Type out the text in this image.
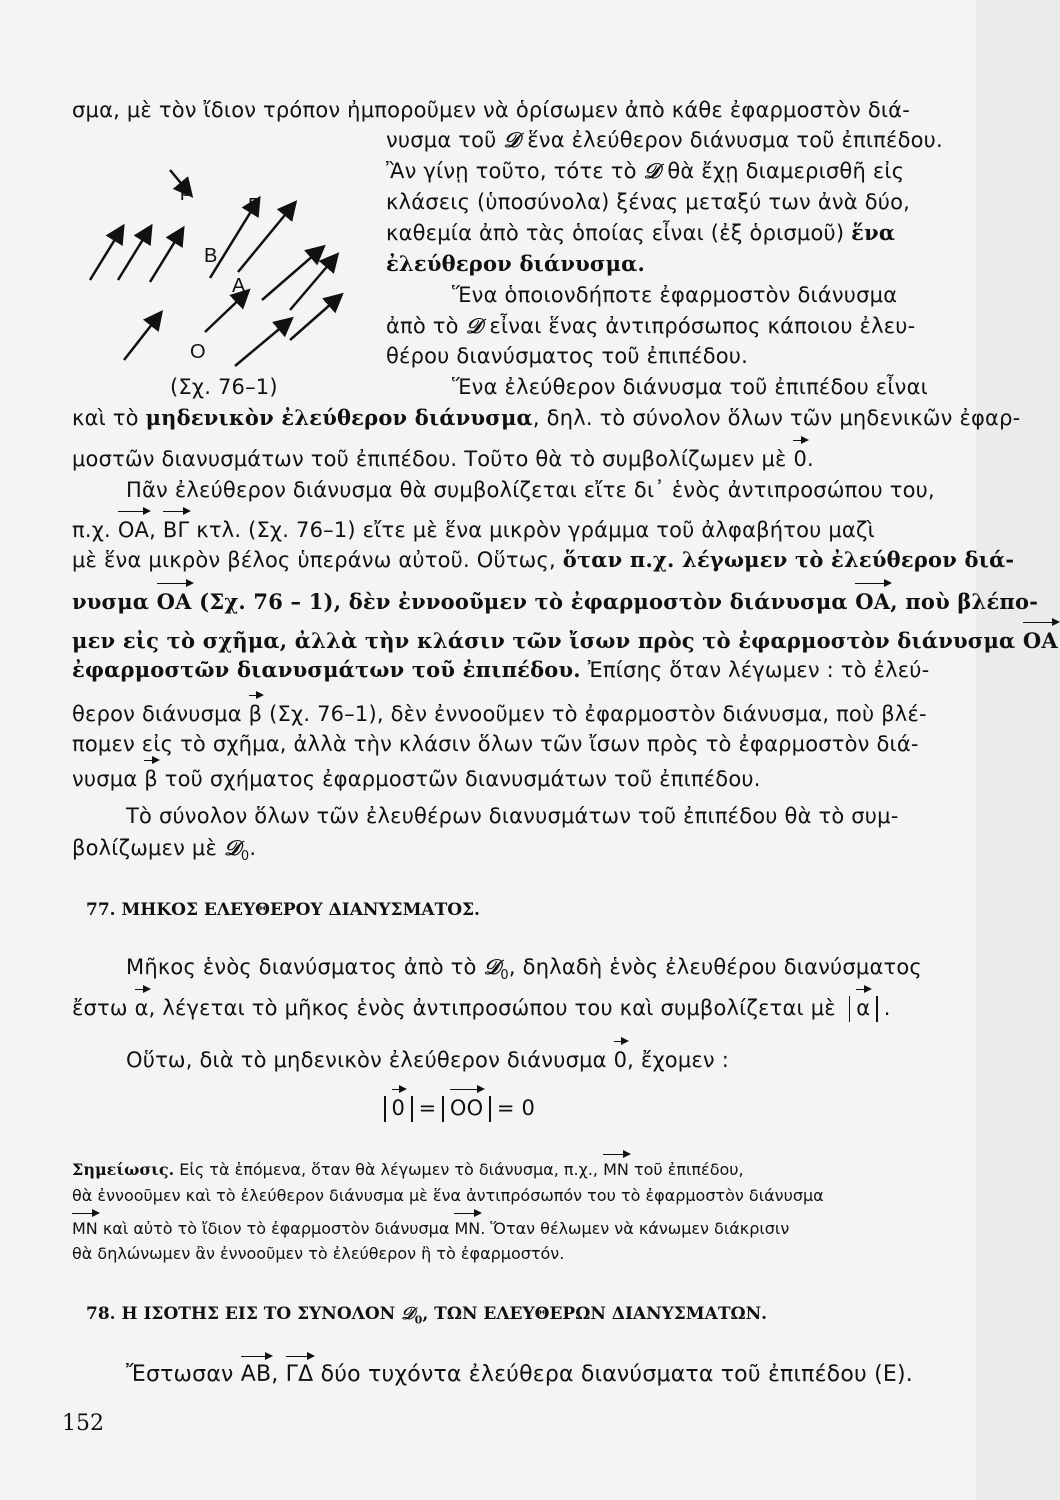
σμα, μὲ τὸν ἴδιον τρόπον ἠμποροῦμεν νὰ ὁρίσωμεν ἀπὸ κάθε ἐφαρμοστὸν διά-
νυσμα τοῦ 𝒟 ἕνα ἐλεύθερον διάνυσμα τοῦ ἐπιπέδου.
Ἂν γίνῃ τοῦτο, τότε τὸ 𝒟 θὰ ἔχῃ διαμερισθῆ εἰς
κλάσεις (ὑποσύνολα) ξένας μεταξύ των ἀνὰ δύο,
καθεμία ἀπὸ τὰς ὁποίας εἶναι (ἐξ ὁρισμοῦ) ἕνα
ἐλεύθερον διάνυσμα.
Ἕνα ὁποιονδήποτε ἐφαρμοστὸν διάνυσμα
ἀπὸ τὸ 𝒟 εἶναι ἕνας ἀντιπρόσωπος κάποιου ἐλευ-
θέρου διανύσματος τοῦ ἐπιπέδου.
(Σχ. 76–1)	Ἕνα ἐλεύθερον διάνυσμα τοῦ ἐπιπέδου εἶναι
καὶ τὸ μηδενικὸν ἐλεύθερον διάνυσμα, δηλ. τὸ σύνολον ὅλων τῶν μηδενικῶν ἐφαρ-
μοστῶν διανυσμάτων τοῦ ἐπιπέδου. Τοῦτο θὰ τὸ συμβολίζωμεν μὲ 0.
Πᾶν ἐλεύθερον διάνυσμα θὰ συμβολίζεται εἴτε δι᾿ ἑνὸς ἀντιπροσώπου του,
π.χ. ΟΑ, ΒΓ κτλ. (Σχ. 76–1) εἴτε μὲ ἕνα μικρὸν γράμμα τοῦ ἀλφαβήτου μαζὶ
μὲ ἕνα μικρὸν βέλος ὑπεράνω αὐτοῦ. Οὕτως, ὅταν π.χ. λέγωμεν τὸ ἐλεύθερον διά-
νυσμα ΟΑ (Σχ. 76 – 1), δὲν ἐννοοῦμεν τὸ ἐφαρμοστὸν διάνυσμα ΟΑ, ποὺ βλέπο-
μεν εἰς τὸ σχῆμα, ἀλλὰ τὴν κλάσιν τῶν ἴσων πρὸς τὸ ἐφαρμοστὸν διάνυσμα ΟΑ
ἐφαρμοστῶν διανυσμάτων τοῦ ἐπιπέδου. Ἐπίσης ὅταν λέγωμεν : τὸ ἐλεύ-
θερον διάνυσμα β (Σχ. 76–1), δὲν ἐννοοῦμεν τὸ ἐφαρμοστὸν διάνυσμα, ποὺ βλέ-
πομεν εἰς τὸ σχῆμα, ἀλλὰ τὴν κλάσιν ὅλων τῶν ἴσων πρὸς τὸ ἐφαρμοστὸν διά-
νυσμα β τοῦ σχήματος ἐφαρμοστῶν διανυσμάτων τοῦ ἐπιπέδου.
Τὸ σύνολον ὅλων τῶν ἐλευθέρων διανυσμάτων τοῦ ἐπιπέδου θὰ τὸ συμ-
βολίζωμεν μὲ 𝒟$_0$.
77. ΜΗΚΟΣ ΕΛΕΥΘΕΡΟΥ ΔΙΑΝΥΣΜΑΤΟΣ.
Μῆκος ἑνὸς διανύσματος ἀπὸ τὸ 𝒟$_0$, δηλαδὴ ἑνὸς ἐλευθέρου διανύσματος
ἔστω α, λέγεται τὸ μῆκος ἑνὸς ἀντιπροσώπου του καὶ συμβολίζεται μὲ α .
Οὕτω, διὰ τὸ μηδενικὸν ἐλεύθερον διάνυσμα 0, ἔχομεν :
0 = ΟΟ = 0
Σημείωσις. Εἰς τὰ ἑπόμενα, ὅταν θὰ λέγωμεν τὸ διάνυσμα, π.χ., ΜΝ τοῦ ἐπιπέδου,
θὰ ἐννοοῦμεν καὶ τὸ ἐλεύθερον διάνυσμα μὲ ἕνα ἀντιπρόσωπόν του τὸ ἐφαρμοστὸν διάνυσμα
ΜΝ καὶ αὐτὸ τὸ ἴδιον τὸ ἐφαρμοστὸν διάνυσμα ΜΝ. Ὅταν θέλωμεν νὰ κάνωμεν διάκρισιν
θὰ δηλώνωμεν ἂν ἐννοοῦμεν τὸ ἐλεύθερον ἢ τὸ ἐφαρμοστόν.
78. Η ΙΣΟΤΗΣ ΕΙΣ ΤΟ ΣΥΝΟΛΟΝ 𝒟$_0$, ΤΩΝ ΕΛΕΥΘΕΡΩΝ ΔΙΑΝΥΣΜΑΤΩΝ.
Ἔστωσαν ΑΒ, ΓΔ δύο τυχόντα ἐλεύθερα διανύσματα τοῦ ἐπιπέδου (Ε).
152
β
Γ
Β
Α
Ο
